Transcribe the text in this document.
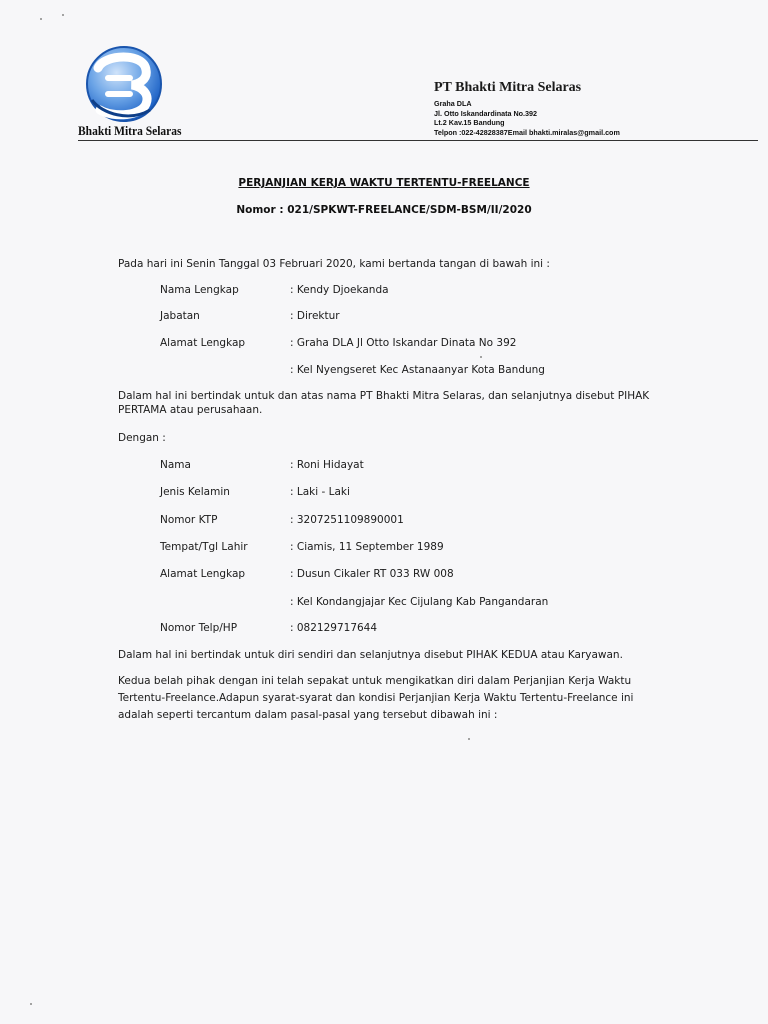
Bhakti Mitra Selaras
PT Bhakti Mitra Selaras
Graha DLA
Jl. Otto Iskandardinata No.392
Lt.2 Kav.15 Bandung
Telpon :022-42828387Email bhakti.miralas@gmail.com
PERJANJIAN KERJA WAKTU TERTENTU-FREELANCE
Nomor : 021/SPKWT-FREELANCE/SDM-BSM/II/2020
Pada hari ini Senin Tanggal 03 Februari 2020, kami bertanda tangan di bawah ini :
Nama Lengkap	: Kendy Djoekanda
Jabatan	: Direktur
Alamat Lengkap	: Graha DLA Jl Otto Iskandar Dinata No 392
: Kel Nyengseret Kec Astanaanyar Kota Bandung
Dalam hal ini bertindak untuk dan atas nama PT Bhakti Mitra Selaras, dan selanjutnya disebut PIHAK
PERTAMA atau perusahaan.
Dengan :
Nama	: Roni Hidayat
Jenis Kelamin	: Laki - Laki
Nomor KTP	: 3207251109890001
Tempat/Tgl Lahir	: Ciamis, 11 September 1989
Alamat Lengkap	: Dusun Cikaler RT 033 RW 008
: Kel Kondangjajar Kec Cijulang Kab Pangandaran
Nomor Telp/HP	: 082129717644
Dalam hal ini bertindak untuk diri sendiri dan selanjutnya disebut PIHAK KEDUA atau Karyawan.
Kedua belah pihak dengan ini telah sepakat untuk mengikatkan diri dalam Perjanjian Kerja Waktu
Tertentu-Freelance.Adapun syarat-syarat dan kondisi Perjanjian Kerja Waktu Tertentu-Freelance ini
adalah seperti tercantum dalam pasal-pasal yang tersebut dibawah ini :
